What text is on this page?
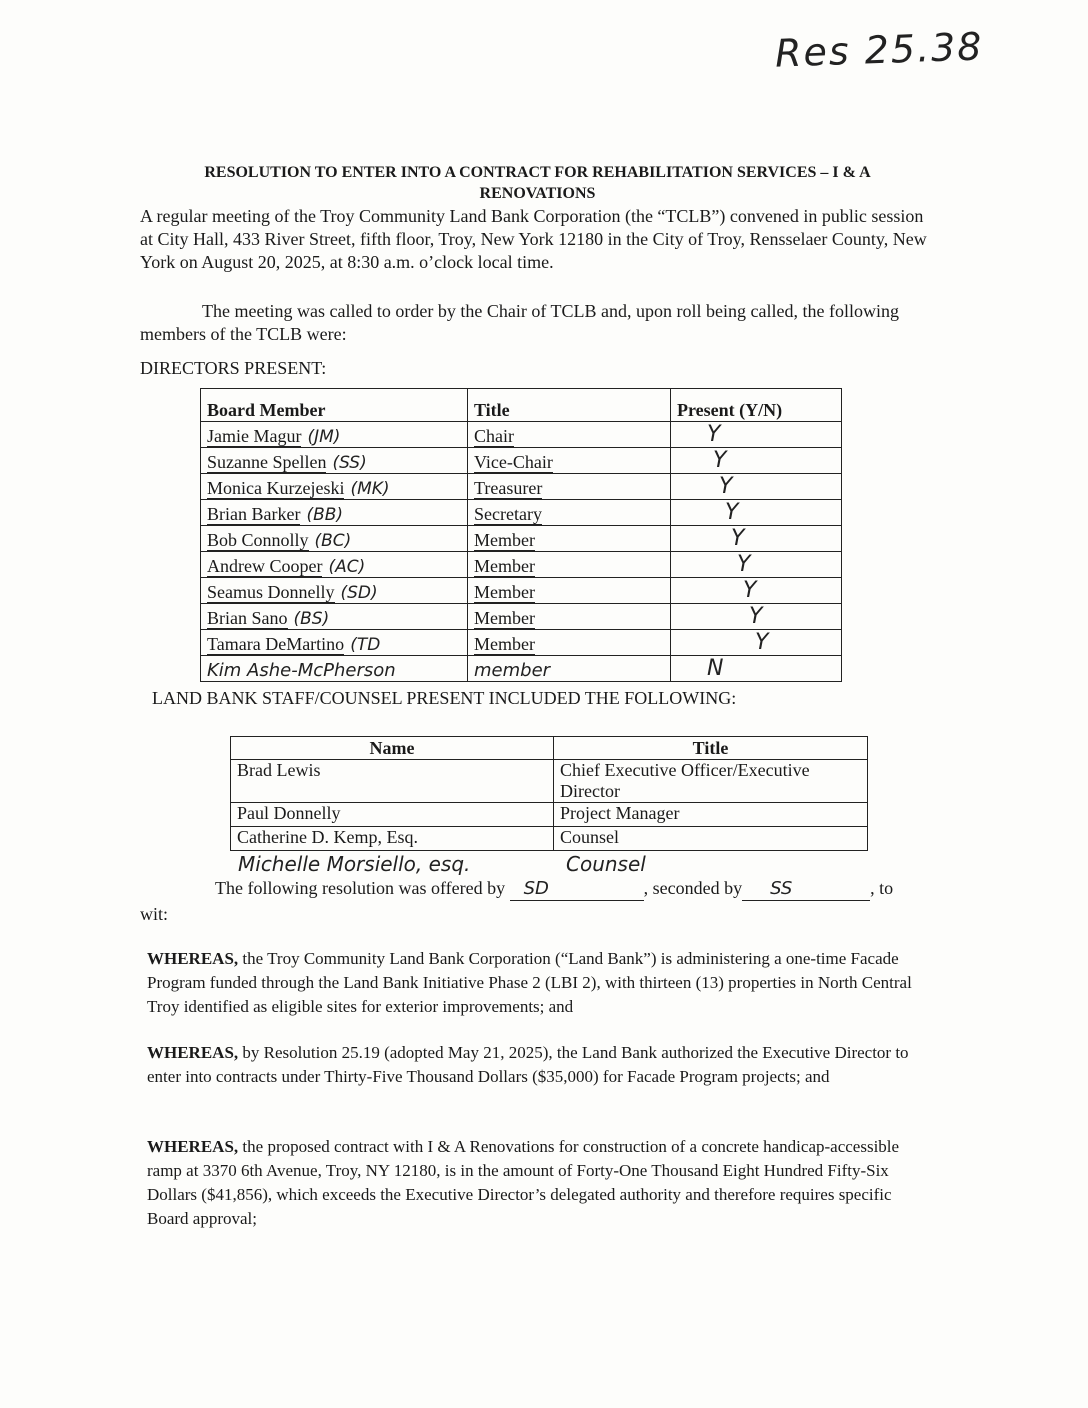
Res 25.38
RESOLUTION TO ENTER INTO A CONTRACT FOR REHABILITATION SERVICES – I & A
RENOVATIONS
A regular meeting of the Troy Community Land Bank Corporation (the “TCLB”) convened in public session at City Hall, 433 River Street, fifth floor, Troy, New York 12180 in the City of Troy, Rensselaer County, New York on August 20, 2025, at 8:30 a.m. o’clock local time.
The meeting was called to order by the Chair of TCLB and, upon roll being called, the following members of the TCLB were:
DIRECTORS PRESENT:
Board Member	Title	Present (Y/N)
Jamie Magur (JM)	Chair	Y
Suzanne Spellen (SS)	Vice-Chair	Y
Monica Kurzejeski (MK)	Treasurer	Y
Brian Barker (BB)	Secretary	Y
Bob Connolly (BC)	Member	Y
Andrew Cooper (AC)	Member	Y
Seamus Donnelly (SD)	Member	Y
Brian Sano (BS)	Member	Y
Tamara DeMartino (TD	Member	Y
Kim Ashe-McPherson	member	N
LAND BANK STAFF/COUNSEL PRESENT INCLUDED THE FOLLOWING:
Name	Title
Brad Lewis	Chief Executive Officer/Executive Director
Paul Donnelly	Project Manager
Catherine D. Kemp, Esq.	Counsel
Michelle Morsiello, esq.	Counsel
The following resolution was offered by SD	, seconded by SS	, to
wit:
WHEREAS, the Troy Community Land Bank Corporation (“Land Bank”) is administering a one-time Facade Program funded through the Land Bank Initiative Phase 2 (LBI 2), with thirteen (13) properties in North Central Troy identified as eligible sites for exterior improvements; and
WHEREAS, by Resolution 25.19 (adopted May 21, 2025), the Land Bank authorized the Executive Director to enter into contracts under Thirty-Five Thousand Dollars ($35,000) for Facade Program projects; and
WHEREAS, the proposed contract with I & A Renovations for construction of a concrete handicap-accessible ramp at 3370 6th Avenue, Troy, NY 12180, is in the amount of Forty-One Thousand Eight Hundred Fifty-Six Dollars ($41,856), which exceeds the Executive Director’s delegated authority and therefore requires specific Board approval;
